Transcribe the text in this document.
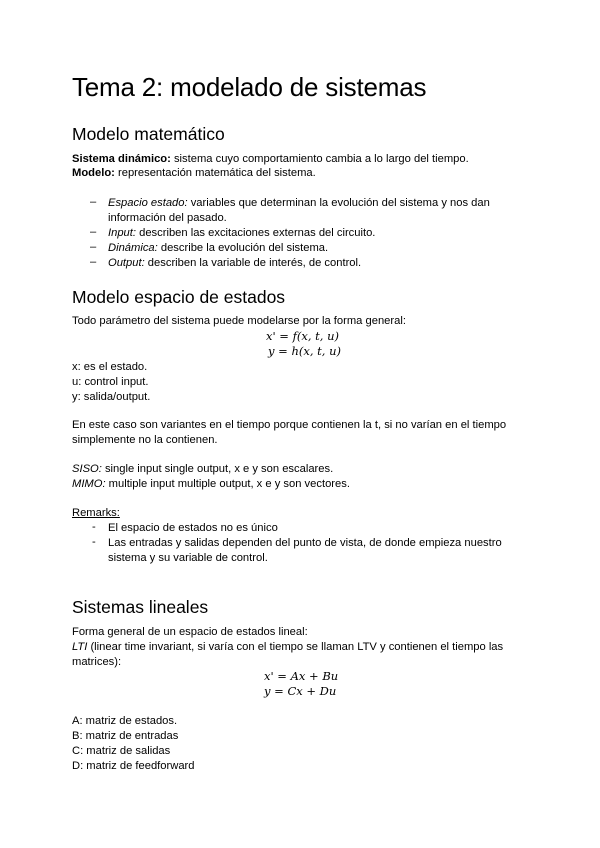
Tema 2: modelado de sistemas
Modelo matemático
Sistema dinámico: sistema cuyo comportamiento cambia a lo largo del tiempo.
Modelo: representación matemática del sistema.
– Espacio estado: variables que determinan la evolución del sistema y nos dan
información del pasado.
– Input: describen las excitaciones externas del circuito.
– Dinámica: describe la evolución del sistema.
– Output: describen la variable de interés, de control.
Modelo espacio de estados
Todo parámetro del sistema puede modelarse por la forma general:
x' = f(x, t, u)
y = h(x, t, u)
x: es el estado.
u: control input.
y: salida/output.
En este caso son variantes en el tiempo porque contienen la t, si no varían en el tiempo
simplemente no la contienen.
SISO: single input single output, x e y son escalares.
MIMO: multiple input multiple output, x e y son vectores.
Remarks:
- El espacio de estados no es único
- Las entradas y salidas dependen del punto de vista, de donde empieza nuestro
sistema y su variable de control.
Sistemas lineales
Forma general de un espacio de estados lineal:
LTI (linear time invariant, si varía con el tiempo se llaman LTV y contienen el tiempo las
matrices):
x' = Ax + Bu
y = Cx + Du
A: matriz de estados.
B: matriz de entradas
C: matriz de salidas
D: matriz de feedforward
